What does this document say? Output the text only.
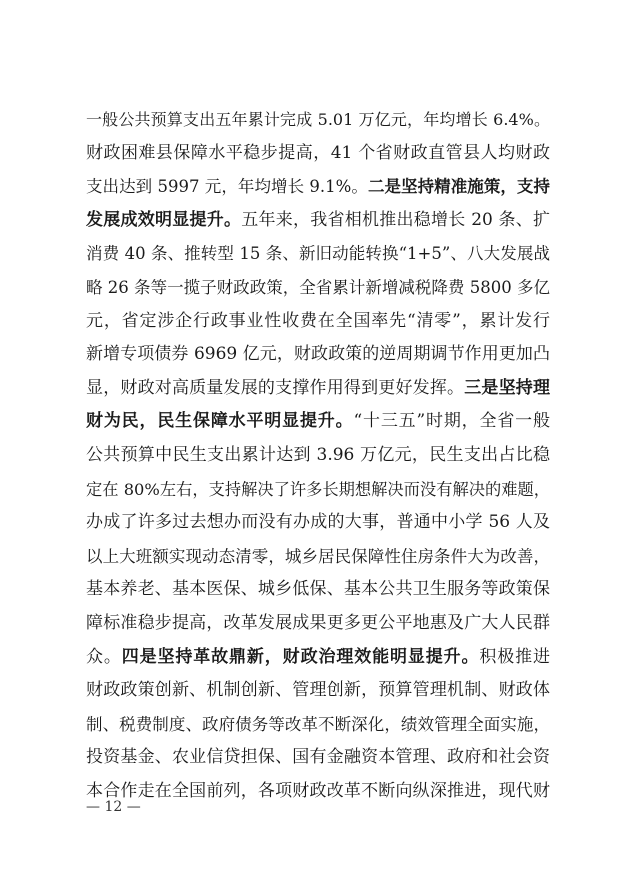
一般公共预算支出五年累计完成 5.01 万亿元，年均增长 6.4%。
财政困难县保障水平稳步提高，41 个省财政直管县人均财政
支出达到 5997 元，年均增长 9.1%。二是坚持精准施策，支持
发展成效明显提升。五年来，我省相机推出稳增长 20 条、扩
消费 40 条、推转型 15 条、新旧动能转换“1+5”、八大发展战
略 26 条等一揽子财政政策，全省累计新增减税降费 5800 多亿
元，省定涉企行政事业性收费在全国率先“清零”，累计发行
新增专项债券 6969 亿元，财政政策的逆周期调节作用更加凸
显，财政对高质量发展的支撑作用得到更好发挥。三是坚持理
财为民，民生保障水平明显提升。“十三五”时期，全省一般
公共预算中民生支出累计达到 3.96 万亿元，民生支出占比稳
定在 80%左右，支持解决了许多长期想解决而没有解决的难题，
办成了许多过去想办而没有办成的大事，普通中小学 56 人及
以上大班额实现动态清零，城乡居民保障性住房条件大为改善，
基本养老、基本医保、城乡低保、基本公共卫生服务等政策保
障标准稳步提高，改革发展成果更多更公平地惠及广大人民群
众。四是坚持革故鼎新，财政治理效能明显提升。积极推进
财政政策创新、机制创新、管理创新，预算管理机制、财政体
制、税费制度、政府债务等改革不断深化，绩效管理全面实施，
投资基金、农业信贷担保、国有金融资本管理、政府和社会资
本合作走在全国前列，各项财政改革不断向纵深推进，现代财
— 12 —
